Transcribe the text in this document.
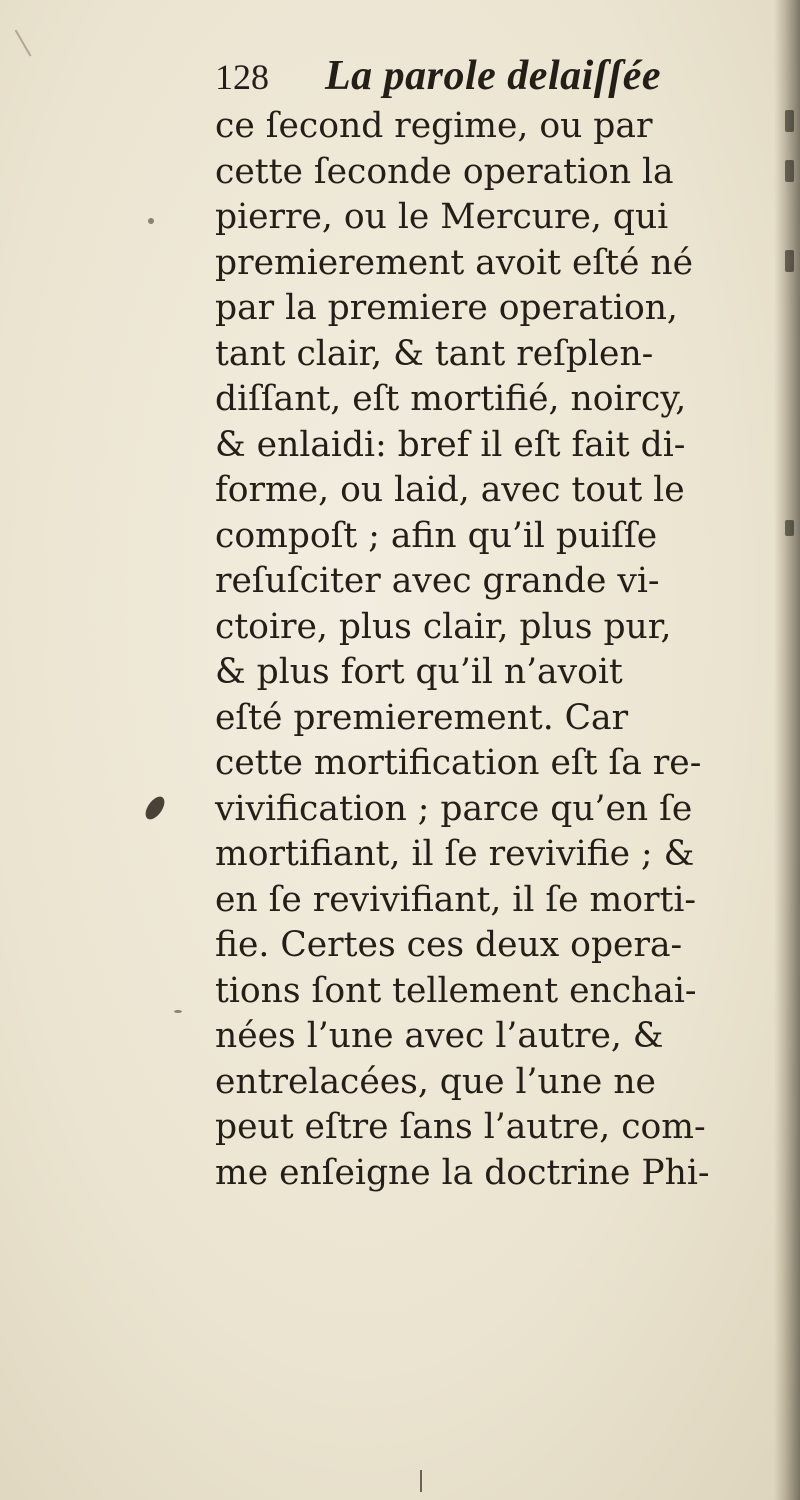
128 La parole delaiſſée
ce ſecond regime, ou par
cette ſeconde operation la
pierre, ou le Mercure, qui
premierement avoit eſté né
par la premiere operation,
tant clair, & tant reſplen-
diſſant, eſt mortifié, noircy,
& enlaidi: bref il eſt fait di-
forme, ou laid, avec tout le
compoſt ; afin qu’il puiſſe
reſuſciter avec grande vi-
ctoire, plus clair, plus pur,
& plus fort qu’il n’avoit
eſté premierement. Car
cette mortification eſt ſa re-
vivification ; parce qu’en ſe
mortifiant, il ſe revivifie ; &
en ſe revivifiant, il ſe morti-
fie. Certes ces deux opera-
tions ſont tellement enchai-
nées l’une avec l’autre, &
entrelacées, que l’une ne
peut eſtre ſans l’autre, com-
me enſeigne la doctrine Phi-
